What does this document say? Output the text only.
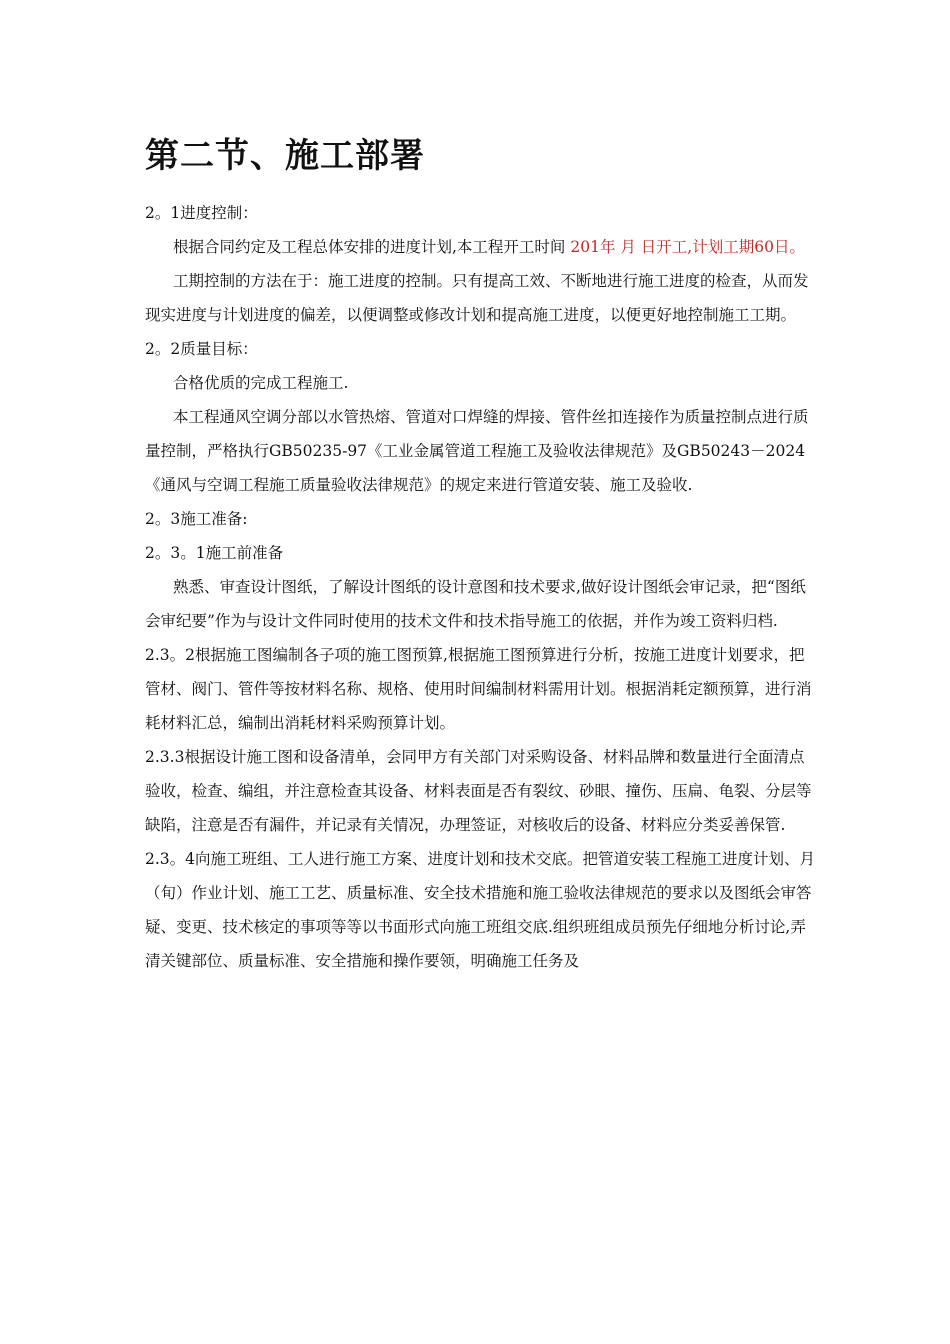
第二节、施工部署

2。1进度控制：

根据合同约定及工程总体安排的进度计划,本工程开工时间 201年 月 日开工,计划工期60日。

工期控制的方法在于：施工进度的控制。只有提高工效、不断地进行施工进度的检查，从而发现实进度与计划进度的偏差，以便调整或修改计划和提高施工进度，以便更好地控制施工工期。

2。2质量目标：

合格优质的完成工程施工.

本工程通风空调分部以水管热熔、管道对口焊缝的焊接、管件丝扣连接作为质量控制点进行质量控制，严格执行GB50235-97《工业金属管道工程施工及验收法律规范》及GB50243－2024《通风与空调工程施工质量验收法律规范》的规定来进行管道安装、施工及验收.

2。3施工准备:

2。3。1施工前准备

熟悉、审查设计图纸，了解设计图纸的设计意图和技术要求,做好设计图纸会审记录，把“图纸会审纪要”作为与设计文件同时使用的技术文件和技术指导施工的依据，并作为竣工资料归档.

2.3。2根据施工图编制各子项的施工图预算,根据施工图预算进行分析，按施工进度计划要求，把管材、阀门、管件等按材料名称、规格、使用时间编制材料需用计划。根据消耗定额预算，进行消耗材料汇总，编制出消耗材料采购预算计划。

2.3.3根据设计施工图和设备清单，会同甲方有关部门对采购设备、材料品牌和数量进行全面清点验收，检查、编组，并注意检查其设备、材料表面是否有裂纹、砂眼、撞伤、压扁、龟裂、分层等缺陷，注意是否有漏件，并记录有关情况，办理签证，对核收后的设备、材料应分类妥善保管.

2.3。4向施工班组、工人进行施工方案、进度计划和技术交底。把管道安装工程施工进度计划、月（旬）作业计划、施工工艺、质量标准、安全技术措施和施工验收法律规范的要求以及图纸会审答疑、变更、技术核定的事项等等以书面形式向施工班组交底.组织班组成员预先仔细地分析讨论,弄清关键部位、质量标准、安全措施和操作要领，明确施工任务及
